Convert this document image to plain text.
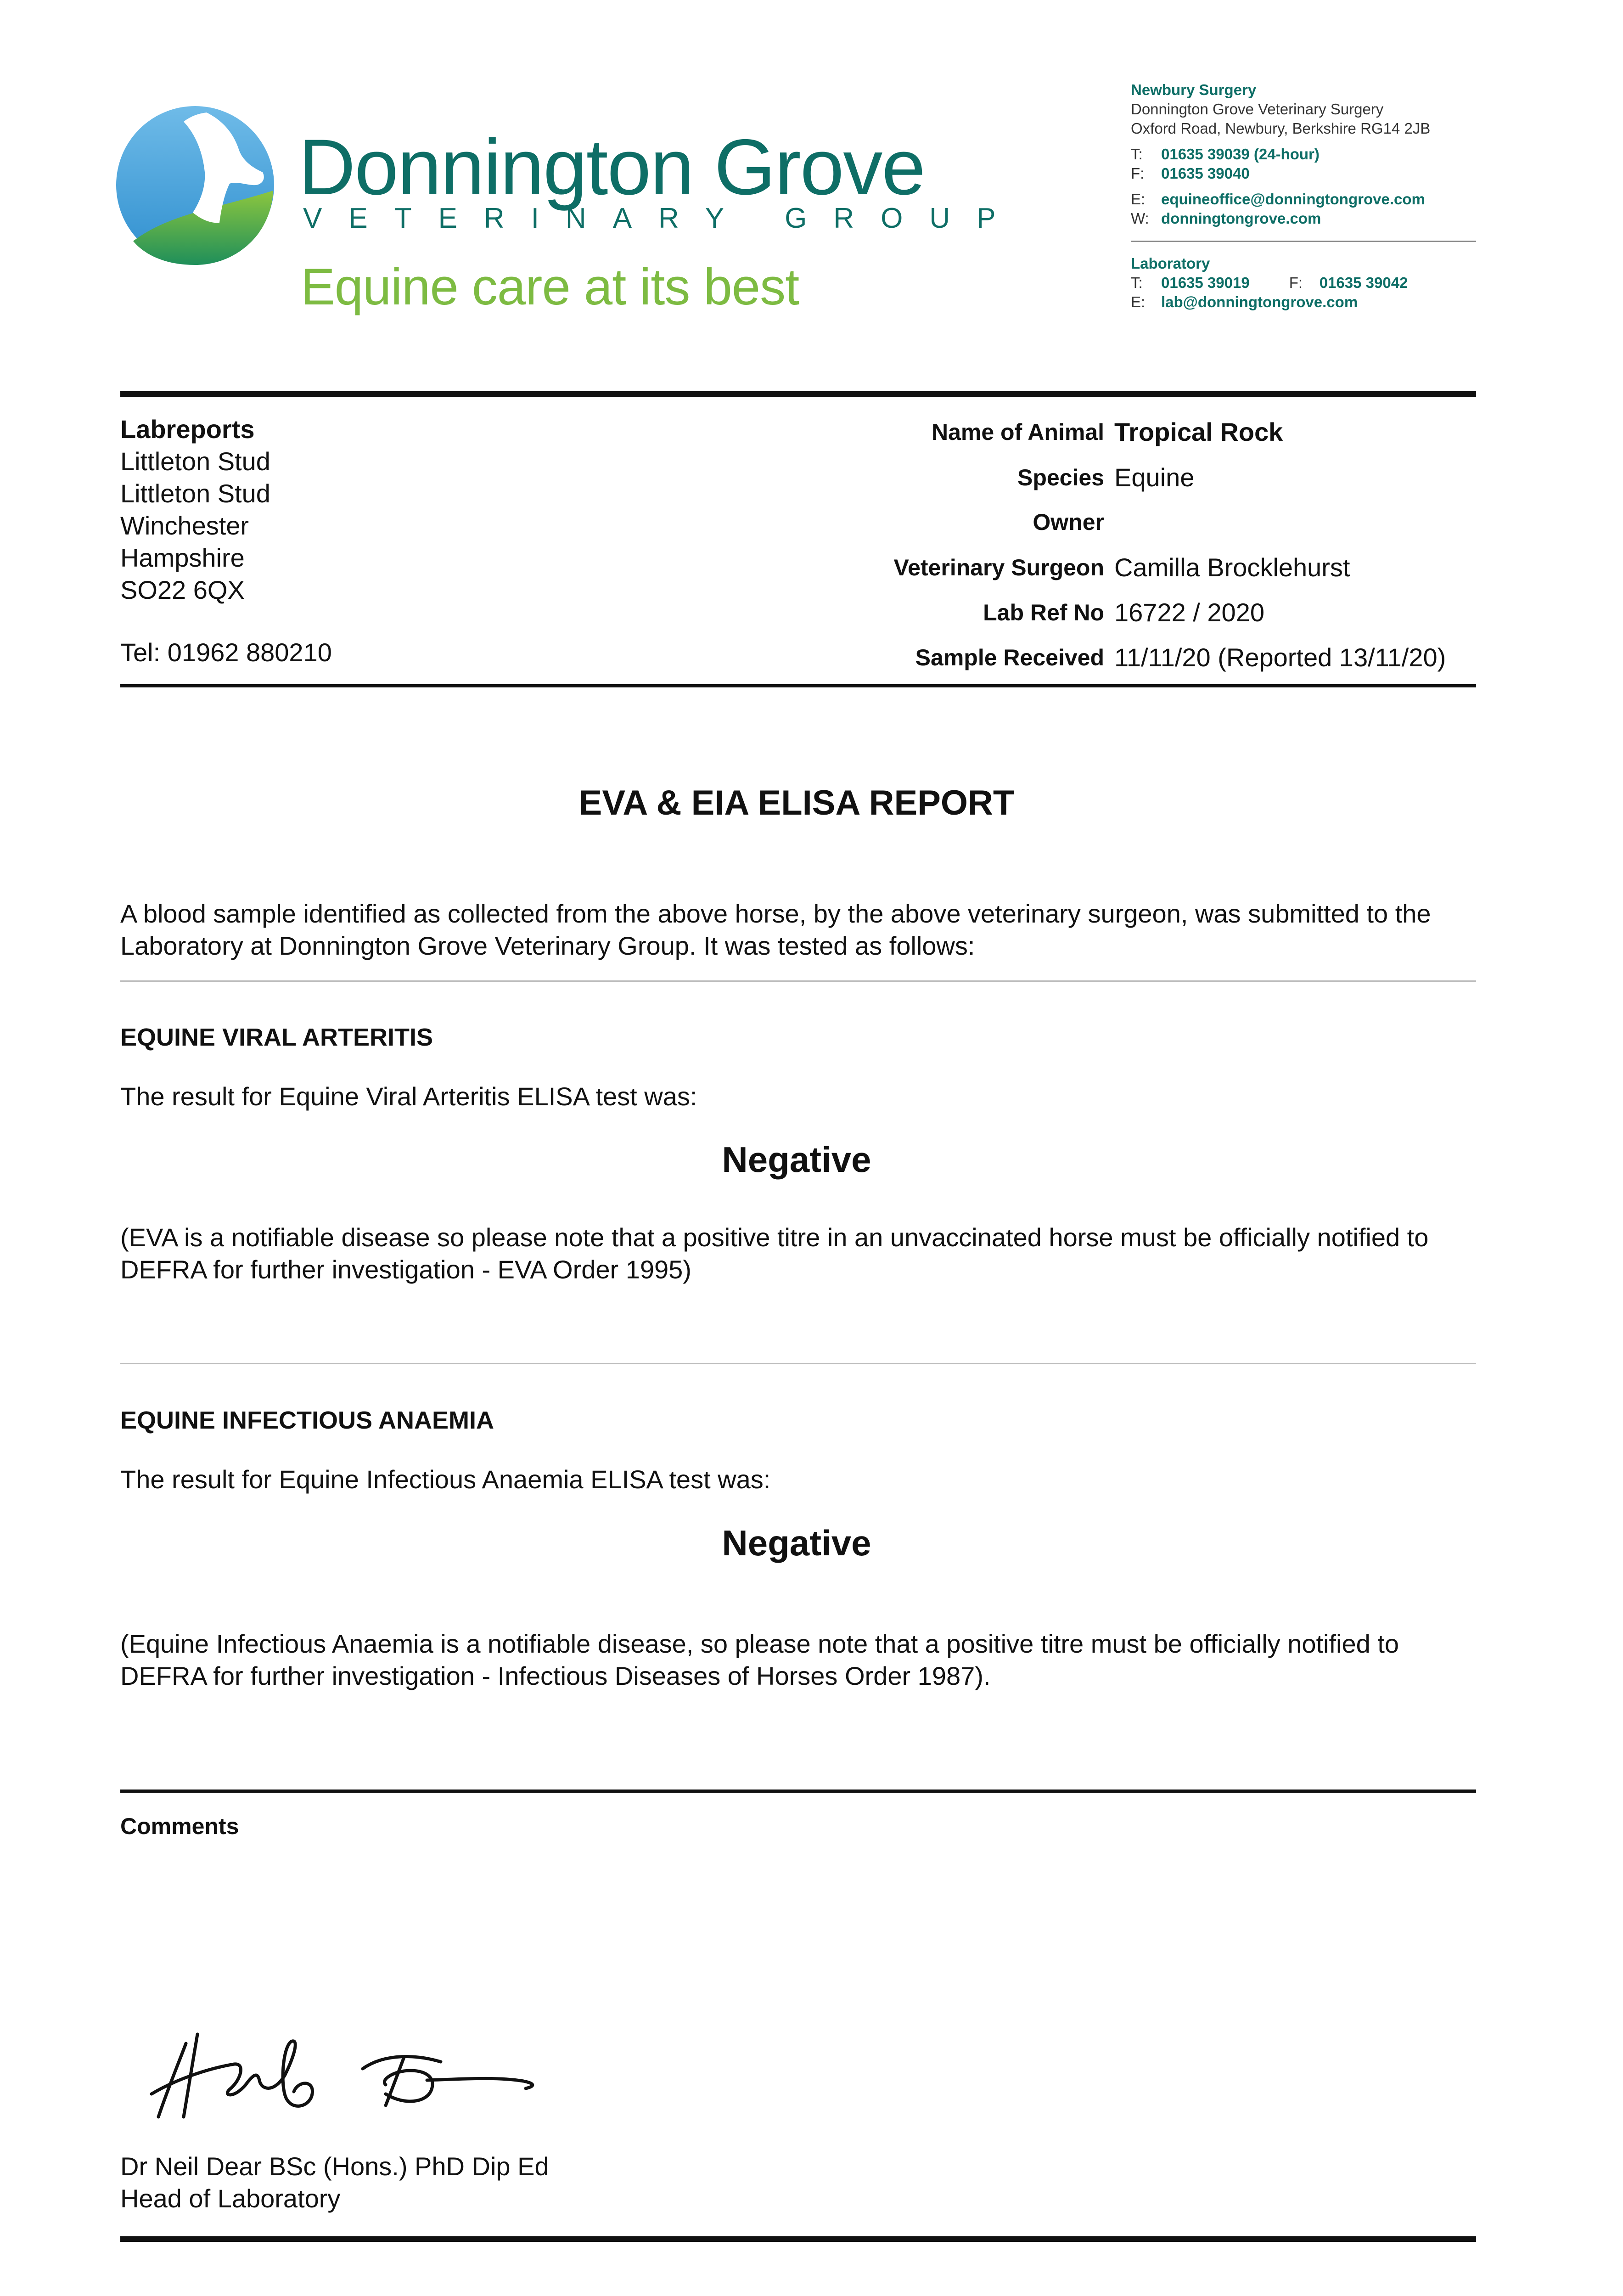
Donnington Grove
VETERINARY GROUP
Equine care at its best
Newbury Surgery
Donnington Grove Veterinary Surgery
Oxford Road, Newbury, Berkshire RG14 2JB
T: 01635 39039 (24-hour)
F: 01635 39040
E: equineoffice@donningtongrove.com
W: donningtongrove.com
Laboratory
T: 01635 39019	F: 01635 39042
E: lab@donningtongrove.com
Labreports
Littleton Stud
Littleton Stud
Winchester
Hampshire
SO22 6QX
Tel: 01962 880210
Name of Animal Tropical Rock
Species Equine
Owner
Veterinary Surgeon Camilla Brocklehurst
Lab Ref No 16722 / 2020
Sample Received 11/11/20 (Reported 13/11/20)
EVA & EIA ELISA REPORT
A blood sample identified as collected from the above horse, by the above veterinary surgeon, was submitted to the Laboratory at Donnington Grove Veterinary Group. It was tested as follows:
EQUINE VIRAL ARTERITIS
The result for Equine Viral Arteritis ELISA test was:
Negative
(EVA is a notifiable disease so please note that a positive titre in an unvaccinated horse must be officially notified to DEFRA for further investigation - EVA Order 1995)
EQUINE INFECTIOUS ANAEMIA
The result for Equine Infectious Anaemia ELISA test was:
Negative
(Equine Infectious Anaemia is a notifiable disease, so please note that a positive titre must be officially notified to DEFRA for further investigation - Infectious Diseases of Horses Order 1987).
Comments
Dr Neil Dear BSc (Hons.) PhD Dip Ed
Head of Laboratory
